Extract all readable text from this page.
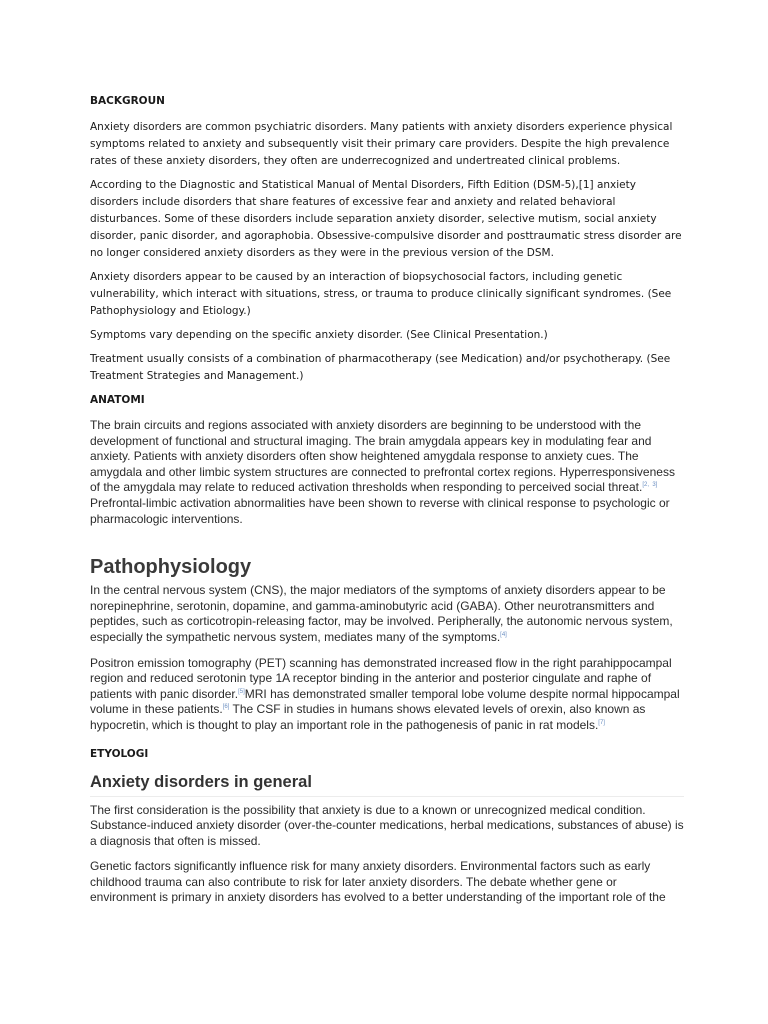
BACKGROUN

Anxiety disorders are common psychiatric disorders. Many patients with anxiety disorders experience physical symptoms related to anxiety and subsequently visit their primary care providers. Despite the high prevalence rates of these anxiety disorders, they often are underrecognized and undertreated clinical problems.

According to the Diagnostic and Statistical Manual of Mental Disorders, Fifth Edition (DSM-5),[1] anxiety disorders include disorders that share features of excessive fear and anxiety and related behavioral disturbances. Some of these disorders include separation anxiety disorder, selective mutism, social anxiety disorder, panic disorder, and agoraphobia. Obsessive-compulsive disorder and posttraumatic stress disorder are no longer considered anxiety disorders as they were in the previous version of the DSM.

Anxiety disorders appear to be caused by an interaction of biopsychosocial factors, including genetic vulnerability, which interact with situations, stress, or trauma to produce clinically significant syndromes. (See Pathophysiology and Etiology.)

Symptoms vary depending on the specific anxiety disorder. (See Clinical Presentation.)

Treatment usually consists of a combination of pharmacotherapy (see Medication) and/or psychotherapy. (See Treatment Strategies and Management.)

ANATOMI

The brain circuits and regions associated with anxiety disorders are beginning to be understood with the development of functional and structural imaging. The brain amygdala appears key in modulating fear and anxiety. Patients with anxiety disorders often show heightened amygdala response to anxiety cues. The amygdala and other limbic system structures are connected to prefrontal cortex regions. Hyperresponsiveness of the amygdala may relate to reduced activation thresholds when responding to perceived social threat.$^{[2,}$ $^{3]}$ Prefrontal-limbic activation abnormalities have been shown to reverse with clinical response to psychologic or pharmacologic interventions.

Pathophysiology

In the central nervous system (CNS), the major mediators of the symptoms of anxiety disorders appear to be norepinephrine, serotonin, dopamine, and gamma-aminobutyric acid (GABA). Other neurotransmitters and peptides, such as corticotropin-releasing factor, may be involved. Peripherally, the autonomic nervous system, especially the sympathetic nervous system, mediates many of the symptoms.[4]

Positron emission tomography (PET) scanning has demonstrated increased flow in the right parahippocampal region and reduced serotonin type 1A receptor binding in the anterior and posterior cingulate and raphe of patients with panic disorder.[5]MRI has demonstrated smaller temporal lobe volume despite normal hippocampal volume in these patients.[6] The CSF in studies in humans shows elevated levels of orexin, also known as hypocretin, which is thought to play an important role in the pathogenesis of panic in rat models.[7]

ETYOLOGI

Anxiety disorders in general

The first consideration is the possibility that anxiety is due to a known or unrecognized medical condition. Substance-induced anxiety disorder (over-the-counter medications, herbal medications, substances of abuse) is a diagnosis that often is missed.

Genetic factors significantly influence risk for many anxiety disorders. Environmental factors such as early childhood trauma can also contribute to risk for later anxiety disorders. The debate whether gene or environment is primary in anxiety disorders has evolved to a better understanding of the important role of the
